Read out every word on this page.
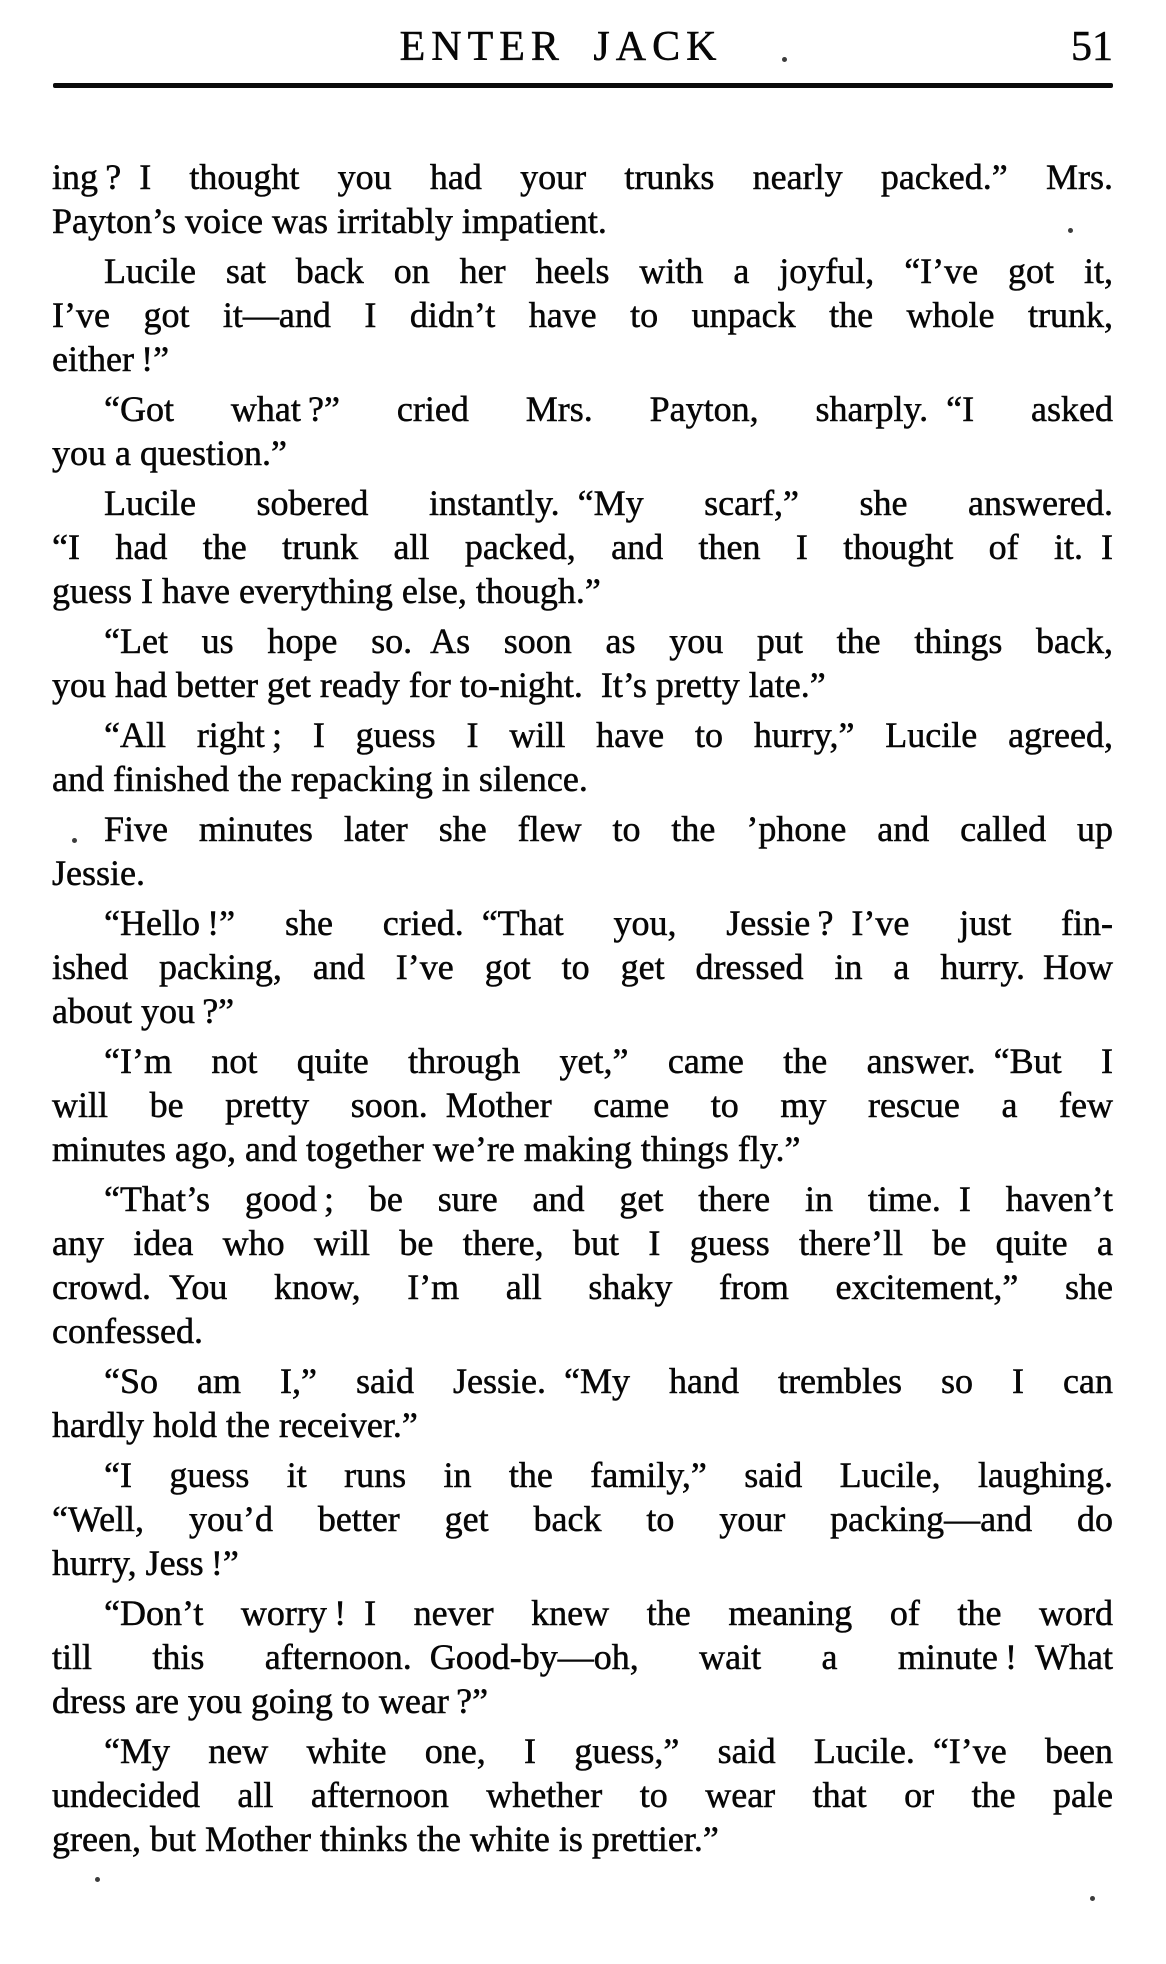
ENTER JACK	51

ing ? I thought you had your trunks nearly packed.” Mrs.
Payton’s voice was irritably impatient.

Lucile sat back on her heels with a joyful, “I’ve got it,
I’ve got it—and I didn’t have to unpack the whole trunk,
either !”

“Got what ?” cried Mrs. Payton, sharply. “I asked
you a question.”

Lucile sobered instantly. “My scarf,” she answered.
“I had the trunk all packed, and then I thought of it. I
guess I have everything else, though.”

“Let us hope so. As soon as you put the things back,
you had better get ready for to-night. It’s pretty late.”

“All right ; I guess I will have to hurry,” Lucile agreed,
and finished the repacking in silence.

Five minutes later she flew to the ’phone and called up
Jessie.

“Hello !” she cried. “That you, Jessie ? I’ve just fin-
ished packing, and I’ve got to get dressed in a hurry. How
about you ?”

“I’m not quite through yet,” came the answer. “But I
will be pretty soon. Mother came to my rescue a few
minutes ago, and together we’re making things fly.”

“That’s good ; be sure and get there in time. I haven’t
any idea who will be there, but I guess there’ll be quite a
crowd. You know, I’m all shaky from excitement,” she
confessed.

“So am I,” said Jessie. “My hand trembles so I can
hardly hold the receiver.”

“I guess it runs in the family,” said Lucile, laughing.
“Well, you’d better get back to your packing—and do
hurry, Jess !”

“Don’t worry ! I never knew the meaning of the word
till this afternoon. Good-by—oh, wait a minute ! What
dress are you going to wear ?”

“My new white one, I guess,” said Lucile. “I’ve been
undecided all afternoon whether to wear that or the pale
green, but Mother thinks the white is prettier.”
